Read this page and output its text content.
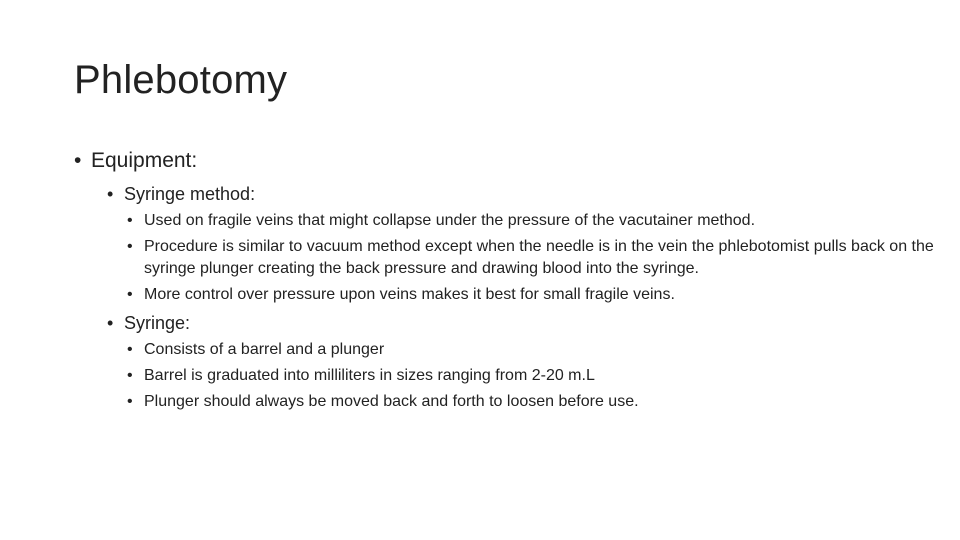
Phlebotomy
• Equipment:
• Syringe method:
• Used on fragile veins that might collapse under the pressure of the vacutainer method.
• Procedure is similar to vacuum method except when the needle is in the vein the phlebotomist pulls back on the syringe plunger creating the back pressure and drawing blood into the syringe.
• More control over pressure upon veins makes it best for small fragile veins.
• Syringe:
• Consists of a barrel and a plunger
• Barrel is graduated into milliliters in sizes ranging from 2-20 m.L
• Plunger should always be moved back and forth to loosen before use.
